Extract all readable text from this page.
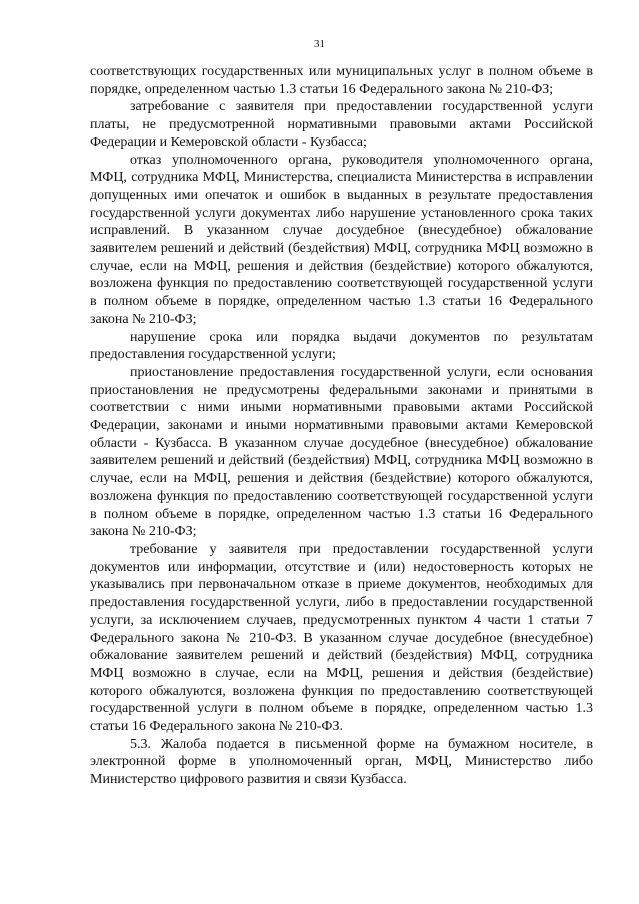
31

соответствующих государственных или муниципальных услуг в полном объеме в порядке, определенном частью 1.3 статьи 16 Федерального закона № 210-ФЗ;

затребование с заявителя при предоставлении государственной услуги платы, не предусмотренной нормативными правовыми актами Российской Федерации и Кемеровской области - Кузбасса;

отказ уполномоченного органа, руководителя уполномоченного органа, МФЦ, сотрудника МФЦ, Министерства, специалиста Министерства в исправлении допущенных ими опечаток и ошибок в выданных в результате предоставления государственной услуги документах либо нарушение установленного срока таких исправлений. В указанном случае досудебное (внесудебное) обжалование заявителем решений и действий (бездействия) МФЦ, сотрудника МФЦ возможно в случае, если на МФЦ, решения и действия (бездействие) которого обжалуются, возложена функция по предоставлению соответствующей государственной услуги в полном объеме в порядке, определенном частью 1.3 статьи 16 Федерального закона № 210-ФЗ;

нарушение срока или порядка выдачи документов по результатам предоставления государственной услуги;

приостановление предоставления государственной услуги, если основания приостановления не предусмотрены федеральными законами и принятыми в соответствии с ними иными нормативными правовыми актами Российской Федерации, законами и иными нормативными правовыми актами Кемеровской области - Кузбасса. В указанном случае досудебное (внесудебное) обжалование заявителем решений и действий (бездействия) МФЦ, сотрудника МФЦ возможно в случае, если на МФЦ, решения и действия (бездействие) которого обжалуются, возложена функция по предоставлению соответствующей государственной услуги в полном объеме в порядке, определенном частью 1.3 статьи 16 Федерального закона № 210-ФЗ;

требование у заявителя при предоставлении государственной услуги документов или информации, отсутствие и (или) недостоверность которых не указывались при первоначальном отказе в приеме документов, необходимых для предоставления государственной услуги, либо в предоставлении государственной услуги, за исключением случаев, предусмотренных пунктом 4 части 1 статьи 7 Федерального закона № 210-ФЗ. В указанном случае досудебное (внесудебное) обжалование заявителем решений и действий (бездействия) МФЦ, сотрудника МФЦ возможно в случае, если на МФЦ, решения и действия (бездействие) которого обжалуются, возложена функция по предоставлению соответствующей государственной услуги в полном объеме в порядке, определенном частью 1.3 статьи 16 Федерального закона № 210-ФЗ.

5.3. Жалоба подается в письменной форме на бумажном носителе, в электронной форме в уполномоченный орган, МФЦ, Министерство либо Министерство цифрового развития и связи Кузбасса.
